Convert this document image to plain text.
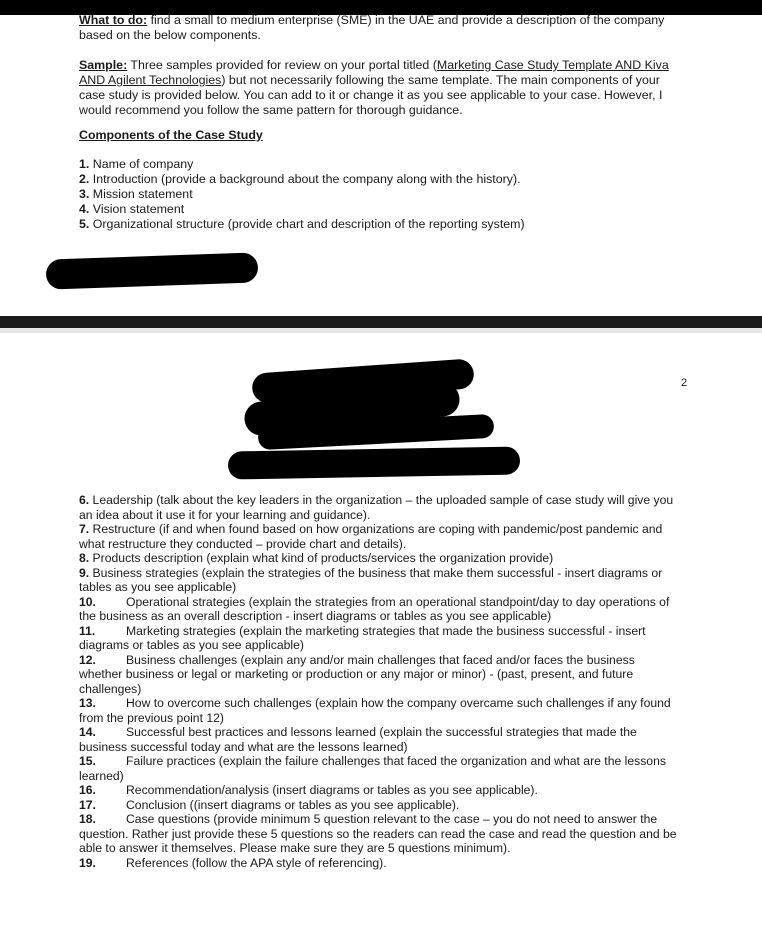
What to do: find a small to medium enterprise (SME) in the UAE and provide a description of the company based on the below components.

Sample: Three samples provided for review on your portal titled (Marketing Case Study Template AND Kiva AND Agilent Technologies) but not necessarily following the same template. The main components of your case study is provided below. You can add to it or change it as you see applicable to your case. However, I would recommend you follow the same pattern for thorough guidance.

Components of the Case Study

1. Name of company
2. Introduction (provide a background about the company along with the history).
3. Mission statement
4. Vision statement
5. Organizational structure (provide chart and description of the reporting system)
2
6. Leadership (talk about the key leaders in the organization – the uploaded sample of case study will give you an idea about it use it for your learning and guidance).
7. Restructure (if and when found based on how organizations are coping with pandemic/post pandemic and what restructure they conducted – provide chart and details).
8. Products description (explain what kind of products/services the organization provide)
9. Business strategies (explain the strategies of the business that make them successful - insert diagrams or tables as you see applicable)
10. Operational strategies (explain the strategies from an operational standpoint/day to day operations of the business as an overall description - insert diagrams or tables as you see applicable)
11.	Marketing strategies (explain the marketing strategies that made the business successful - insert diagrams or tables as you see applicable)
12. Business challenges (explain any and/or main challenges that faced and/or faces the business whether business or legal or marketing or production or any major or minor) - (past, present, and future challenges)
13. How to overcome such challenges (explain how the company overcame such challenges if any found from the previous point 12)
14. Successful best practices and lessons learned (explain the successful strategies that made the business successful today and what are the lessons learned)
15. Failure practices (explain the failure challenges that faced the organization and what are the lessons learned)
16. Recommendation/analysis (insert diagrams or tables as you see applicable).
17. Conclusion ((insert diagrams or tables as you see applicable).
18. Case questions (provide minimum 5 question relevant to the case – you do not need to answer the question. Rather just provide these 5 questions so the readers can read the case and read the question and be able to answer it themselves. Please make sure they are 5 questions minimum).
19. References (follow the APA style of referencing).
